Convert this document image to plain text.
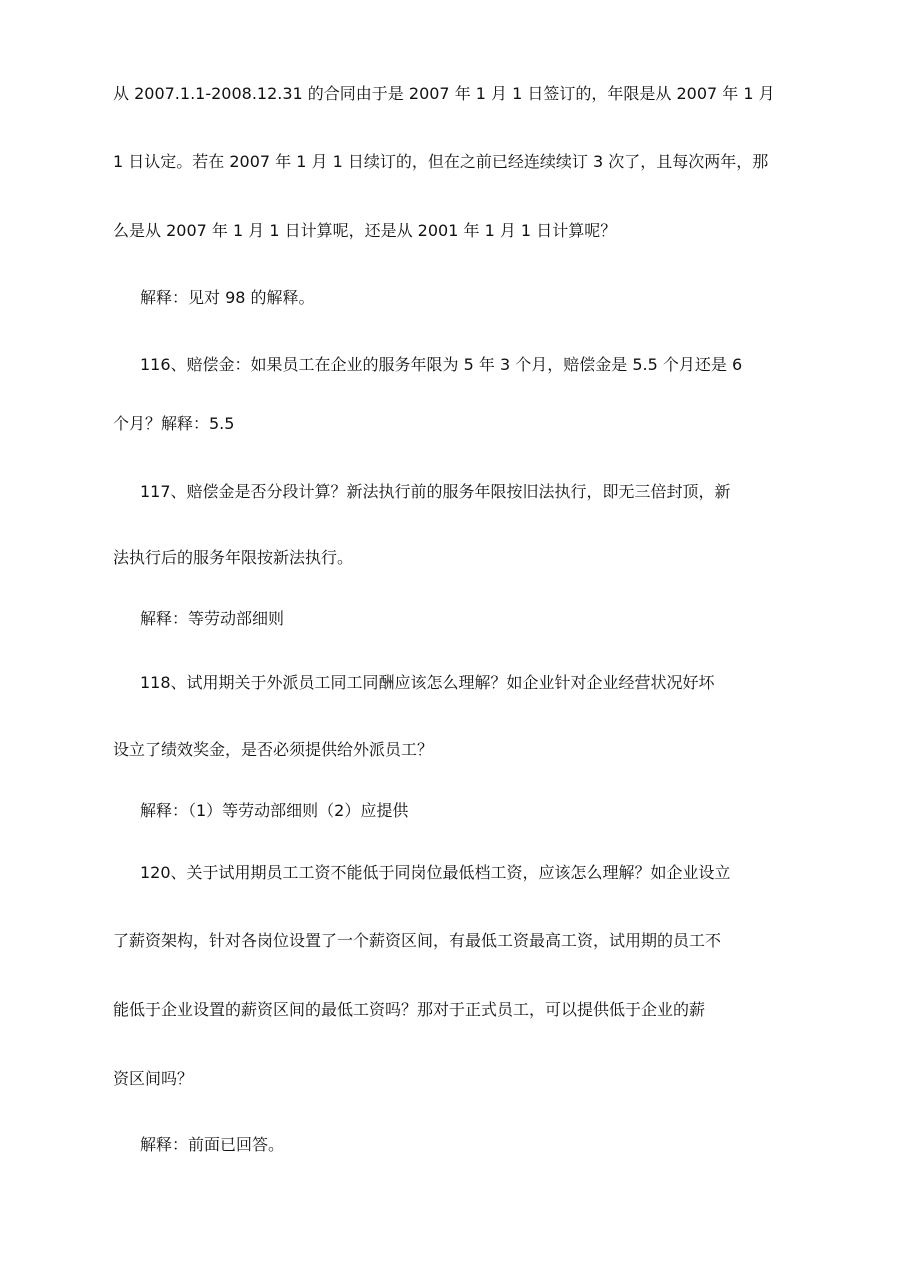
从 2007.1.1-2008.12.31 的合同由于是 2007 年 1 月 1 日签订的，年限是从 2007 年 1 月
1 日认定。若在 2007 年 1 月 1 日续订的，但在之前已经连续续订 3 次了，且每次两年，那
么是从 2007 年 1 月 1 日计算呢，还是从 2001 年 1 月 1 日计算呢？
解释：见对 98 的解释。
116、赔偿金：如果员工在企业的服务年限为 5 年 3 个月，赔偿金是 5.5 个月还是 6
个月？解释：5.5
117、赔偿金是否分段计算？新法执行前的服务年限按旧法执行，即无三倍封顶，新
法执行后的服务年限按新法执行。
解释：等劳动部细则
118、试用期关于外派员工同工同酬应该怎么理解？如企业针对企业经营状况好坏
设立了绩效奖金，是否必须提供给外派员工？
解释：（1）等劳动部细则（2）应提供
120、关于试用期员工工资不能低于同岗位最低档工资，应该怎么理解？如企业设立
了薪资架构，针对各岗位设置了一个薪资区间，有最低工资最高工资，试用期的员工不
能低于企业设置的薪资区间的最低工资吗？那对于正式员工，可以提供低于企业的薪
资区间吗？
解释：前面已回答。
